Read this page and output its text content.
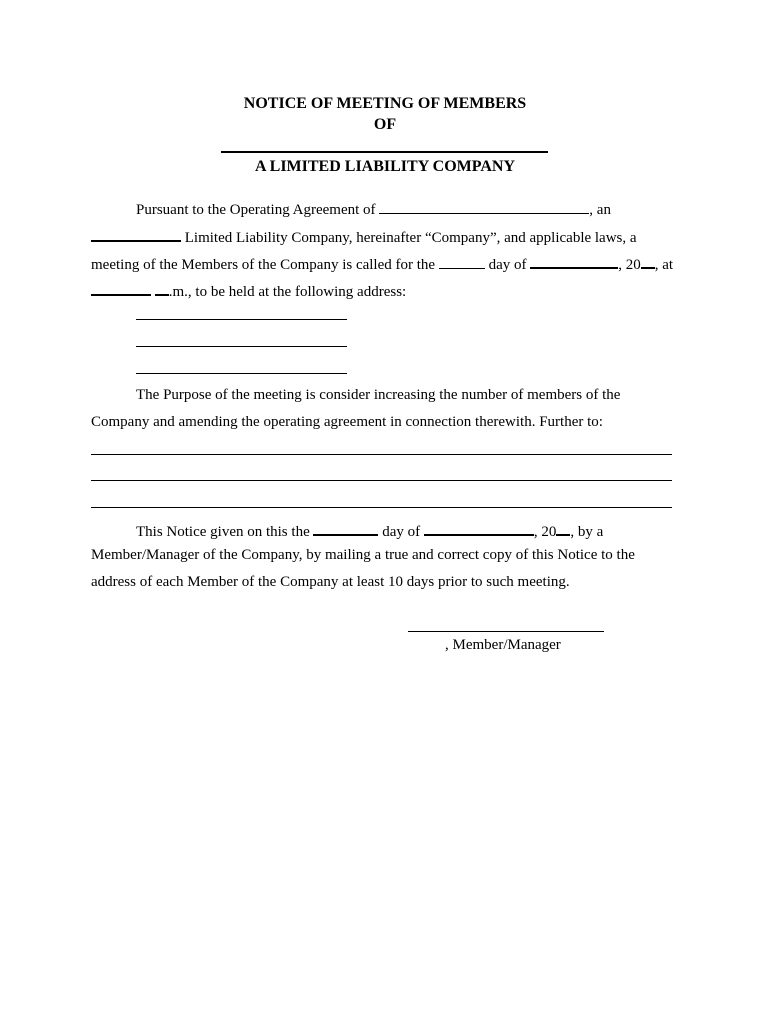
NOTICE OF MEETING OF MEMBERS
OF
A LIMITED LIABILITY COMPANY
Pursuant to the Operating Agreement of	, an
Limited Liability Company, hereinafter “Company”, and applicable laws, a
meeting of the Members of the Company is called for the	day of	, 20 , at
.m., to be held at the following address:
The Purpose of the meeting is consider increasing the number of members of the
Company and amending the operating agreement in connection therewith. Further to:
This Notice given on this the	day of	, 20 , by a
Member/Manager of the Company, by mailing a true and correct copy of this Notice to the
address of each Member of the Company at least 10 days prior to such meeting.
, Member/Manager
